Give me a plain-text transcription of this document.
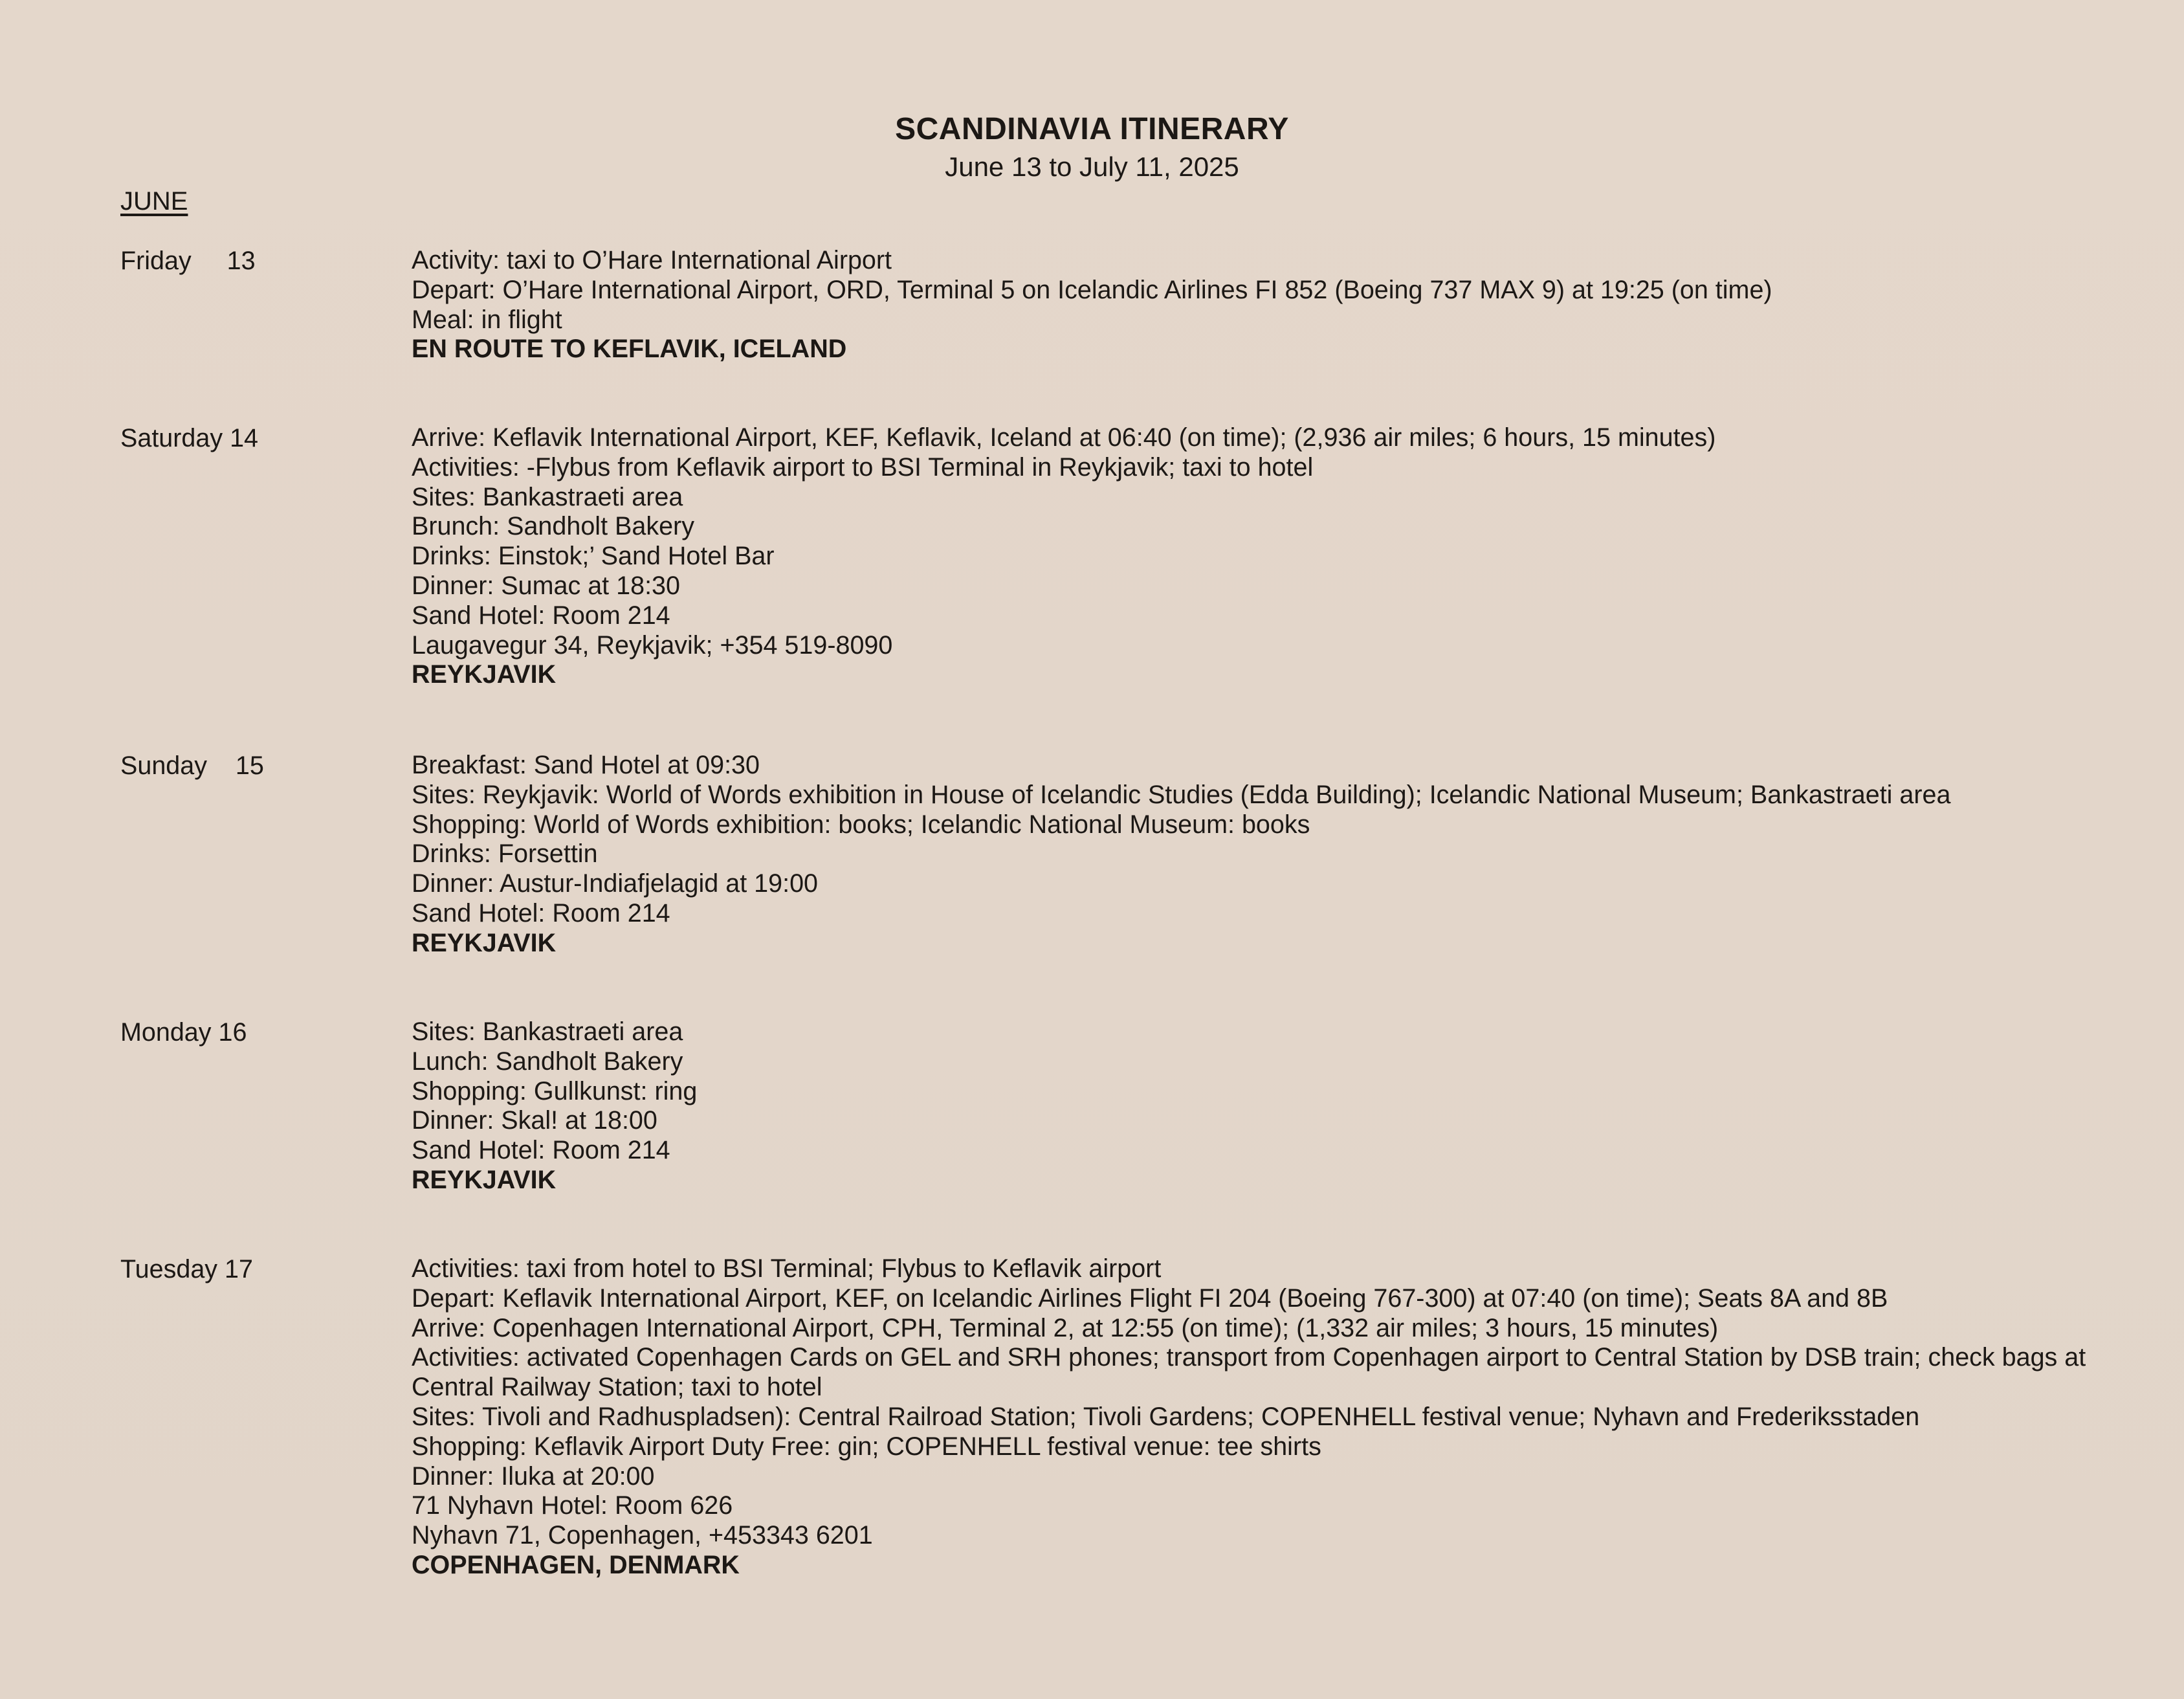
SCANDINAVIA ITINERARY
June 13 to July 11, 2025
JUNE
Friday     13	Activity: taxi to O’Hare International Airport
Depart: O’Hare International Airport, ORD, Terminal 5 on Icelandic Airlines FI 852 (Boeing 737 MAX 9) at 19:25 (on time)
Meal: in flight
EN ROUTE TO KEFLAVIK, ICELAND
Saturday 14	Arrive: Keflavik International Airport, KEF, Keflavik, Iceland at 06:40 (on time); (2,936 air miles; 6 hours, 15 minutes)
Activities: -Flybus from Keflavik airport to BSI Terminal in Reykjavik; taxi to hotel
Sites: Bankastraeti area
Brunch: Sandholt Bakery
Drinks: Einstok;’ Sand Hotel Bar
Dinner: Sumac at 18:30
Sand Hotel: Room 214
Laugavegur 34, Reykjavik; +354 519-8090
REYKJAVIK
Sunday    15	Breakfast: Sand Hotel at 09:30
Sites: Reykjavik: World of Words exhibition in House of Icelandic Studies (Edda Building); Icelandic National Museum; Bankastraeti area
Shopping: World of Words exhibition: books; Icelandic National Museum: books
Drinks: Forsettin
Dinner: Austur-Indiafjelagid at 19:00
Sand Hotel: Room 214
REYKJAVIK
Monday 16	Sites: Bankastraeti area
Lunch: Sandholt Bakery
Shopping: Gullkunst: ring
Dinner: Skal! at 18:00
Sand Hotel: Room 214
REYKJAVIK
Tuesday 17	Activities: taxi from hotel to BSI Terminal; Flybus to Keflavik airport
Depart: Keflavik International Airport, KEF, on Icelandic Airlines Flight FI 204 (Boeing 767-300) at 07:40 (on time); Seats 8A and 8B
Arrive: Copenhagen International Airport, CPH, Terminal 2, at 12:55 (on time); (1,332 air miles; 3 hours, 15 minutes)
Activities: activated Copenhagen Cards on GEL and SRH phones; transport from Copenhagen airport to Central Station by DSB train; check bags at
Central Railway Station; taxi to hotel
Sites: Tivoli and Radhuspladsen): Central Railroad Station; Tivoli Gardens; COPENHELL festival venue; Nyhavn and Frederiksstaden
Shopping: Keflavik Airport Duty Free: gin; COPENHELL festival venue: tee shirts
Dinner: Iluka at 20:00
71 Nyhavn Hotel: Room 626
Nyhavn 71, Copenhagen, +453343 6201
COPENHAGEN, DENMARK
